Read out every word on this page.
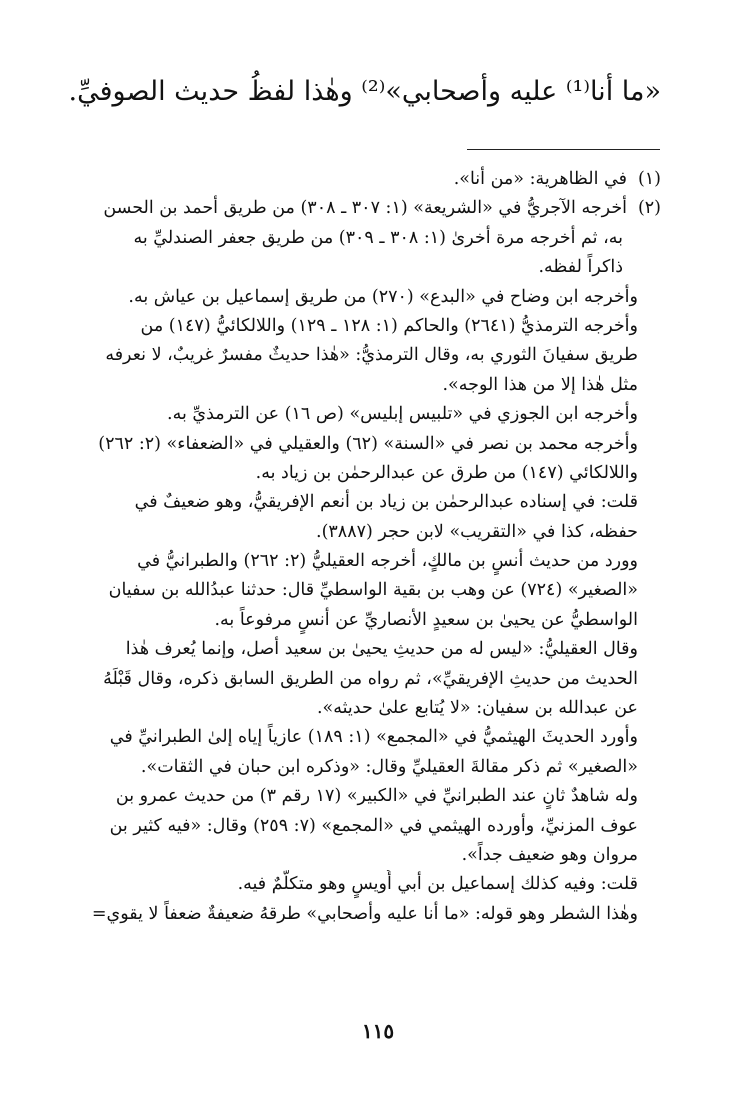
«ما أنا⁽¹⁾ عليه وأصحابي»⁽²⁾ وهٰذا لفظُ حديث الصوفيِّ.
(١)في الظاهرية: «من أنا».
(٢)أخرجه الآجريُّ في «الشريعة» (١: ٣٠٧ ـ ٣٠٨) من طريق أحمد بن الحسن
به، ثم أخرجه مرة أخرىٰ (١: ٣٠٨ ـ ٣٠٩) من طريق جعفر الصندليِّ به
ذاكراً لفظه.
وأخرجه ابن وضاح في «البدع» (٢٧٠) من طريق إسماعيل بن عياش به.
وأخرجه الترمذيُّ (٢٦٤١) والحاكم (١: ١٢٨ ـ ١٢٩) واللالكائيُّ (١٤٧) من
طريق سفيانَ الثوري به، وقال الترمذيُّ: «هٰذا حديثٌ مفسرٌ غريبٌ، لا نعرفه
مثل هٰذا إلا من هذا الوجه».
وأخرجه ابن الجوزي في «تلبيس إبليس» (ص ١٦) عن الترمذيِّ به.
وأخرجه محمد بن نصر في «السنة» (٦٢) والعقيلي في «الضعفاء» (٢: ٢٦٢)
واللالكائي (١٤٧) من طرق عن عبدالرحمٰن بن زياد به.
قلت: في إسناده عبدالرحمٰن بن زياد بن أنعم الإفريقيُّ، وهو ضعيفٌ في
حفظه، كذا في «التقريب» لابن حجر (٣٨٨٧).
وورد من حديث أنسٍ بن مالكٍ، أخرجه العقيليُّ (٢: ٢٦٢) والطبرانيُّ في
«الصغير» (٧٢٤) عن وهب بن بقية الواسطيِّ قال: حدثنا عبدُالله بن سفيان
الواسطيُّ عن يحيىٰ بن سعيدٍ الأنصاريِّ عن أنسٍ مرفوعاً به.
وقال العقيليُّ: «ليس له من حديثِ يحيىٰ بن سعيد أصل، وإنما يُعرف هٰذا
الحديث من حديثِ الإفريقيِّ»، ثم رواه من الطريق السابق ذكره، وقال قَبْلَهُ
عن عبدالله بن سفيان: «لا يُتابع علىٰ حديثه».
وأورد الحديثَ الهيثميُّ في «المجمع» (١: ١٨٩) عازياً إياه إلىٰ الطبرانيِّ في
«الصغير» ثم ذكر مقالةَ العقيليِّ وقال: «وذكره ابن حبان في الثقات».
وله شاهدٌ ثانٍ عند الطبرانيِّ في «الكبير» (١٧ رقم ٣) من حديث عمرو بن
عوف المزنيِّ، وأورده الهيثمي في «المجمع» (٧: ٢٥٩) وقال: «فيه كثير بن
مروان وهو ضعيف جداً».
قلت: وفيه كذلك إسماعيل بن أبي أُويسٍ وهو متكلّمٌ فيه.
وهٰذا الشطر وهو قوله: «ما أنا عليه وأصحابي» طرقهُ ضعيفةٌ ضعفاً لا يقوي=
١١٥
